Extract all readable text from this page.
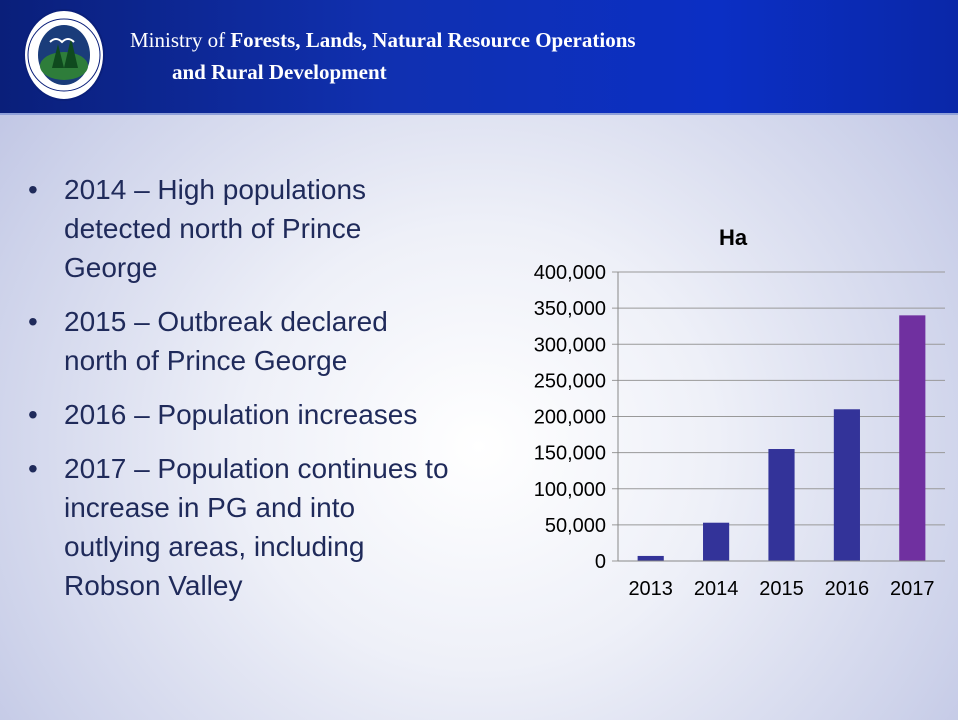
Ministry of Forests, Lands, Natural Resource Operations
and Rural Development
• 2014 – High populations detected north of Prince George
• 2015 – Outbreak declared north of Prince George
• 2016 – Population increases
• 2017 – Population continues to increase in PG and into outlying areas, including Robson Valley
Ha
0
50,000
100,000
150,000
200,000
250,000
300,000
350,000
400,000
2013 2014 2015 2016 2017
